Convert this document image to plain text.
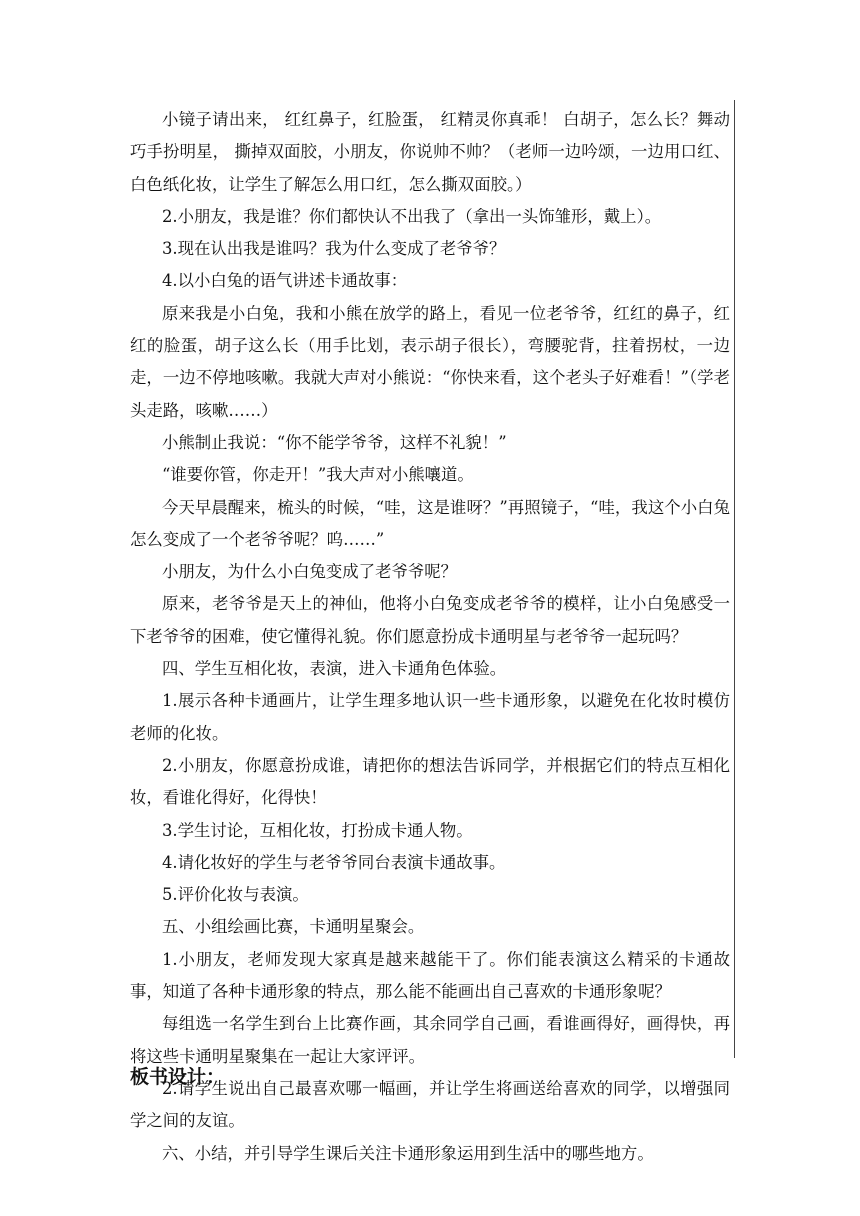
小镜子请出来， 红红鼻子，红脸蛋， 红精灵你真乖！ 白胡子，怎么长？舞动巧手扮明星， 撕掉双面胶，小朋友，你说帅不帅？（老师一边吟颂，一边用口红、白色纸化妆，让学生了解怎么用口红，怎么撕双面胶。）

2.小朋友，我是谁？你们都快认不出我了（拿出一头饰雏形，戴上）。

3.现在认出我是谁吗？我为什么变成了老爷爷？

4.以小白兔的语气讲述卡通故事：

原来我是小白兔，我和小熊在放学的路上，看见一位老爷爷，红红的鼻子，红红的脸蛋，胡子这么长（用手比划，表示胡子很长），弯腰驼背，拄着拐杖，一边走，一边不停地咳嗽。我就大声对小熊说：“你快来看，这个老头子好难看！”（学老头走路，咳嗽……）

小熊制止我说：“你不能学爷爷，这样不礼貌！”

“谁要你管，你走开！”我大声对小熊嚷道。

今天早晨醒来，梳头的时候，“哇，这是谁呀？”再照镜子，“哇，我这个小白兔怎么变成了一个老爷爷呢？呜……”

小朋友，为什么小白兔变成了老爷爷呢？

原来，老爷爷是天上的神仙，他将小白兔变成老爷爷的模样，让小白兔感受一下老爷爷的困难，使它懂得礼貌。你们愿意扮成卡通明星与老爷爷一起玩吗？

四、学生互相化妆，表演，进入卡通角色体验。

1.展示各种卡通画片，让学生理多地认识一些卡通形象，以避免在化妆时模仿老师的化妆。

2.小朋友，你愿意扮成谁，请把你的想法告诉同学，并根据它们的特点互相化妆，看谁化得好，化得快！

3.学生讨论，互相化妆，打扮成卡通人物。

4.请化妆好的学生与老爷爷同台表演卡通故事。

5.评价化妆与表演。

五、小组绘画比赛，卡通明星聚会。

1.小朋友，老师发现大家真是越来越能干了。你们能表演这么精采的卡通故事，知道了各种卡通形象的特点，那么能不能画出自己喜欢的卡通形象呢？

每组选一名学生到台上比赛作画，其余同学自己画，看谁画得好，画得快，再将这些卡通明星聚集在一起让大家评评。

2.请学生说出自己最喜欢哪一幅画，并让学生将画送给喜欢的同学，以增强同学之间的友谊。

六、小结，并引导学生课后关注卡通形象运用到生活中的哪些地方。

板书设计：
